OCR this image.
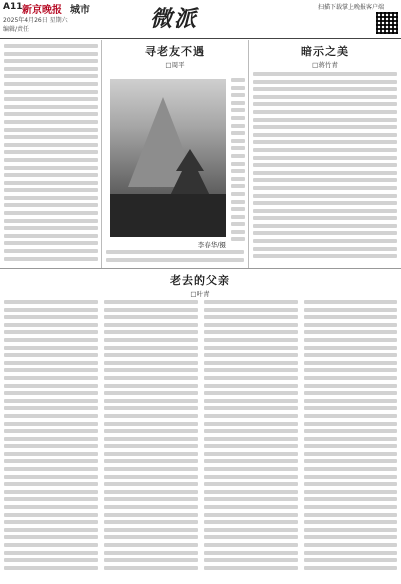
A11 新京晚报 城市
2025年4月26日 星期六
编辑/责任	微派	扫描下载掌上晚报客户端
寻老友不遇
□周平
李春华/摄
暗示之美
□蒋竹青
老去的父亲
□叶青
